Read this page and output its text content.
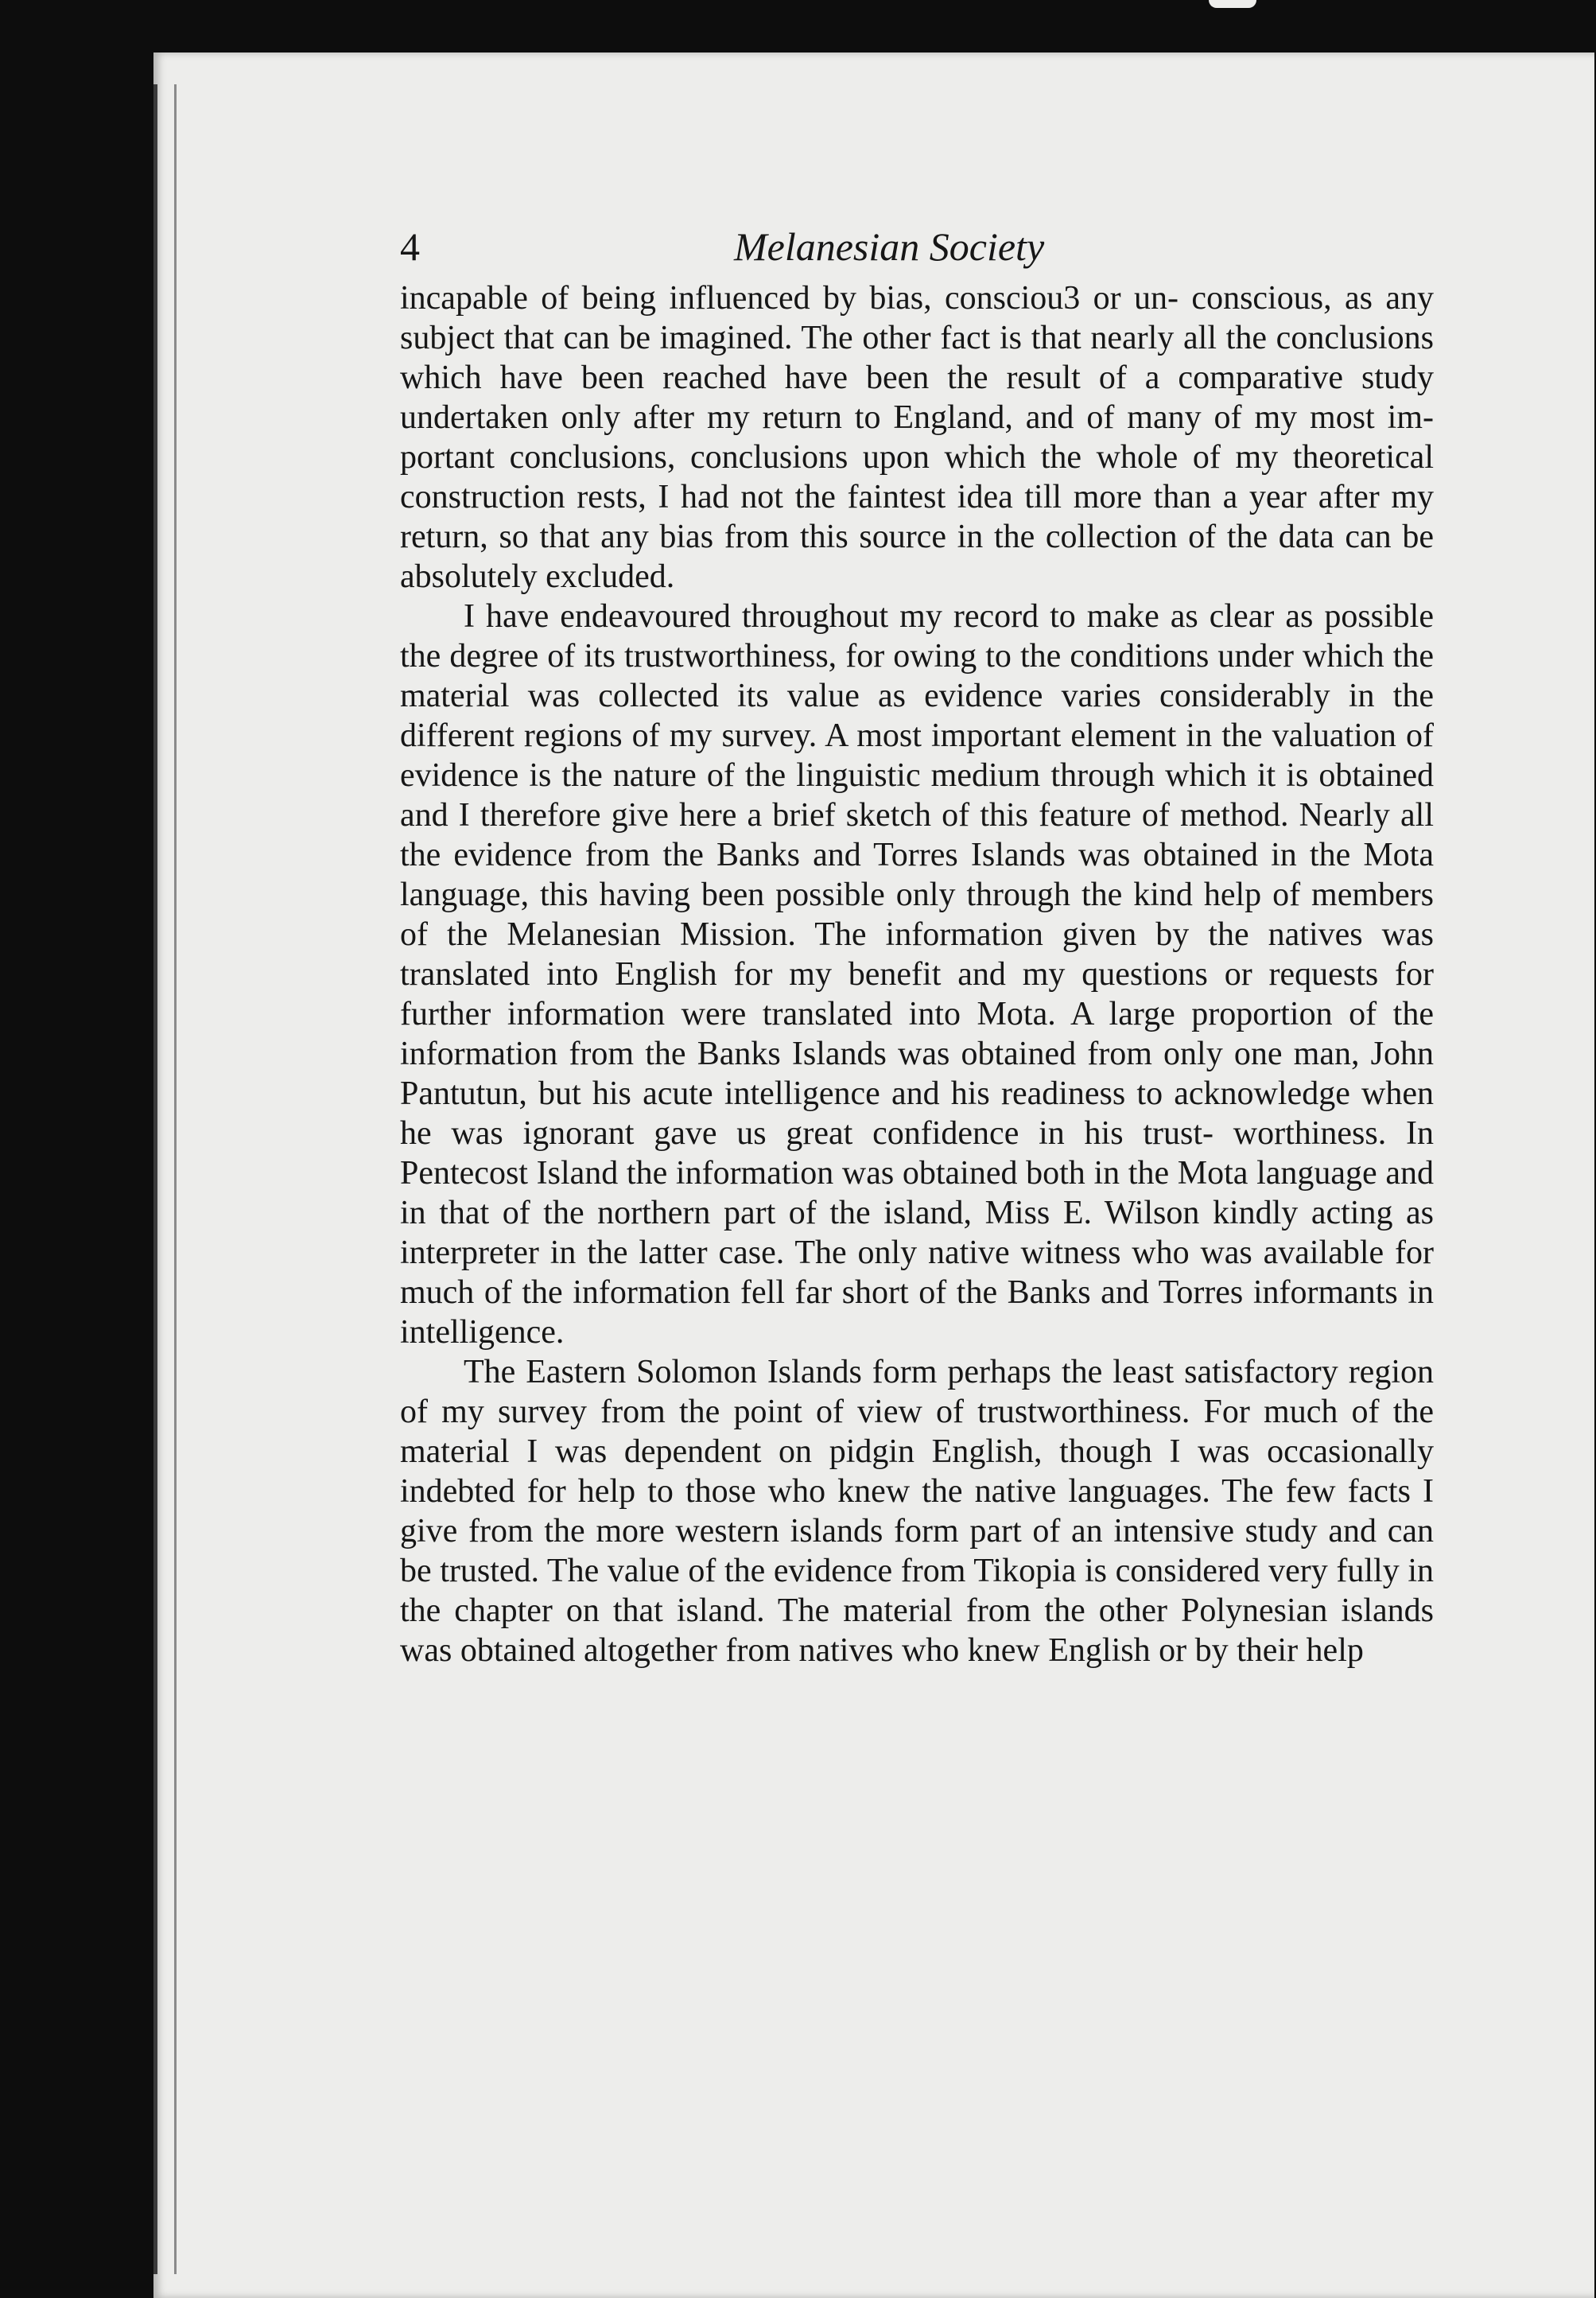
4	Melanesian Society

incapable of being influenced by bias, consciou3 or un- conscious, as any subject that can be imagined. The other fact is that nearly all the conclusions which have been reached have been the result of a comparative study undertaken only after my return to England, and of many of my most im- portant conclusions, conclusions upon which the whole of my theoretical construction rests, I had not the faintest idea till more than a year after my return, so that any bias from this source in the collection of the data can be absolutely excluded.

I have endeavoured throughout my record to make as clear as possible the degree of its trustworthiness, for owing to the conditions under which the material was collected its value as evidence varies considerably in the different regions of my survey. A most important element in the valuation of evidence is the nature of the linguistic medium through which it is obtained and I therefore give here a brief sketch of this feature of method. Nearly all the evidence from the Banks and Torres Islands was obtained in the Mota language, this having been possible only through the kind help of members of the Melanesian Mission. The information given by the natives was translated into English for my benefit and my questions or requests for further information were translated into Mota. A large proportion of the information from the Banks Islands was obtained from only one man, John Pantutun, but his acute intelligence and his readiness to acknowledge when he was ignorant gave us great confidence in his trust- worthiness. In Pentecost Island the information was obtained both in the Mota language and in that of the northern part of the island, Miss E. Wilson kindly acting as interpreter in the latter case. The only native witness who was available for much of the information fell far short of the Banks and Torres informants in intelligence.

The Eastern Solomon Islands form perhaps the least satisfactory region of my survey from the point of view of trustworthiness. For much of the material I was dependent on pidgin English, though I was occasionally indebted for help to those who knew the native languages. The few facts I give from the more western islands form part of an intensive study and can be trusted. The value of the evidence from Tikopia is considered very fully in the chapter on that island. The material from the other Polynesian islands was obtained altogether from natives who knew English or by their help
